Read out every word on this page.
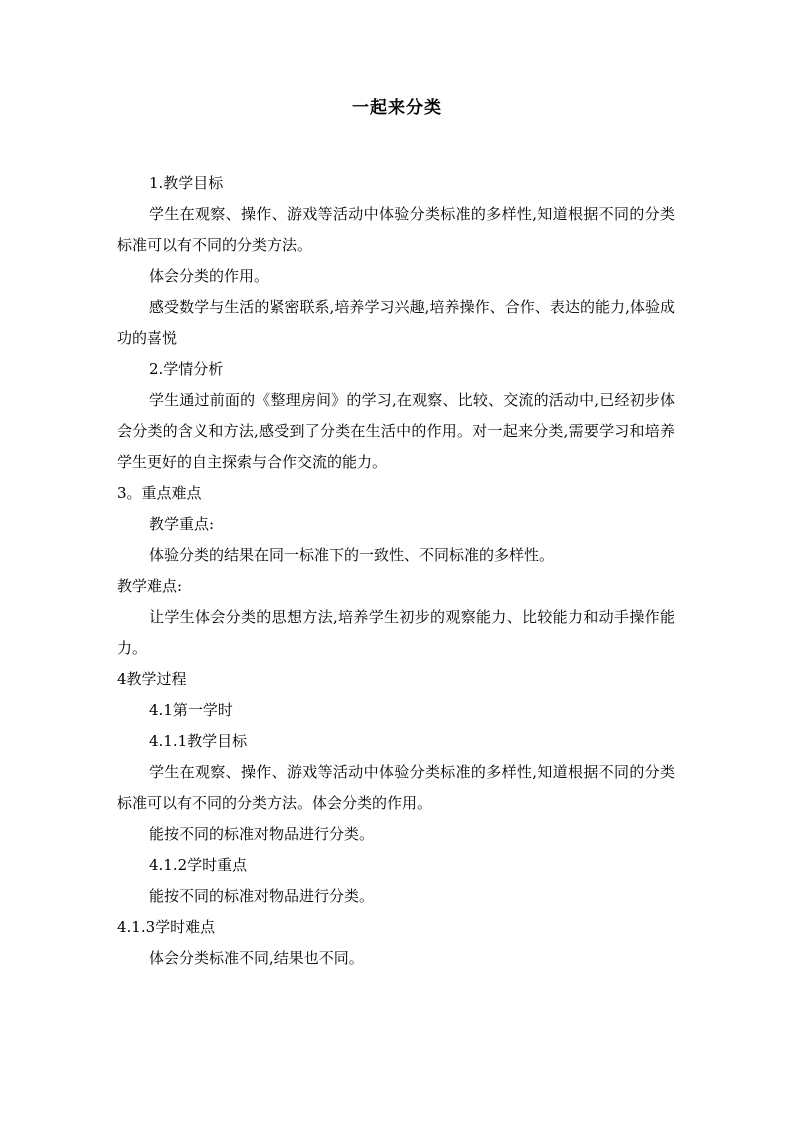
一起来分类

1.教学目标

学生在观察、操作、游戏等活动中体验分类标准的多样性,知道根据不同的分类标准可以有不同的分类方法。

体会分类的作用。

感受数学与生活的紧密联系,培养学习兴趣,培养操作、合作、表达的能力,体验成功的喜悦

2.学情分析

学生通过前面的《整理房间》的学习,在观察、比较、交流的活动中,已经初步体会分类的含义和方法,感受到了分类在生活中的作用。对一起来分类,需要学习和培养学生更好的自主探索与合作交流的能力。

3。重点难点

教学重点:

体验分类的结果在同一标准下的一致性、不同标准的多样性。

教学难点:

让学生体会分类的思想方法,培养学生初步的观察能力、比较能力和动手操作能力。

4教学过程

4.1第一学时

4.1.1教学目标

学生在观察、操作、游戏等活动中体验分类标准的多样性,知道根据不同的分类标准可以有不同的分类方法。体会分类的作用。

能按不同的标准对物品进行分类。

4.1.2学时重点

能按不同的标准对物品进行分类。

4.1.3学时难点

体会分类标准不同,结果也不同。
